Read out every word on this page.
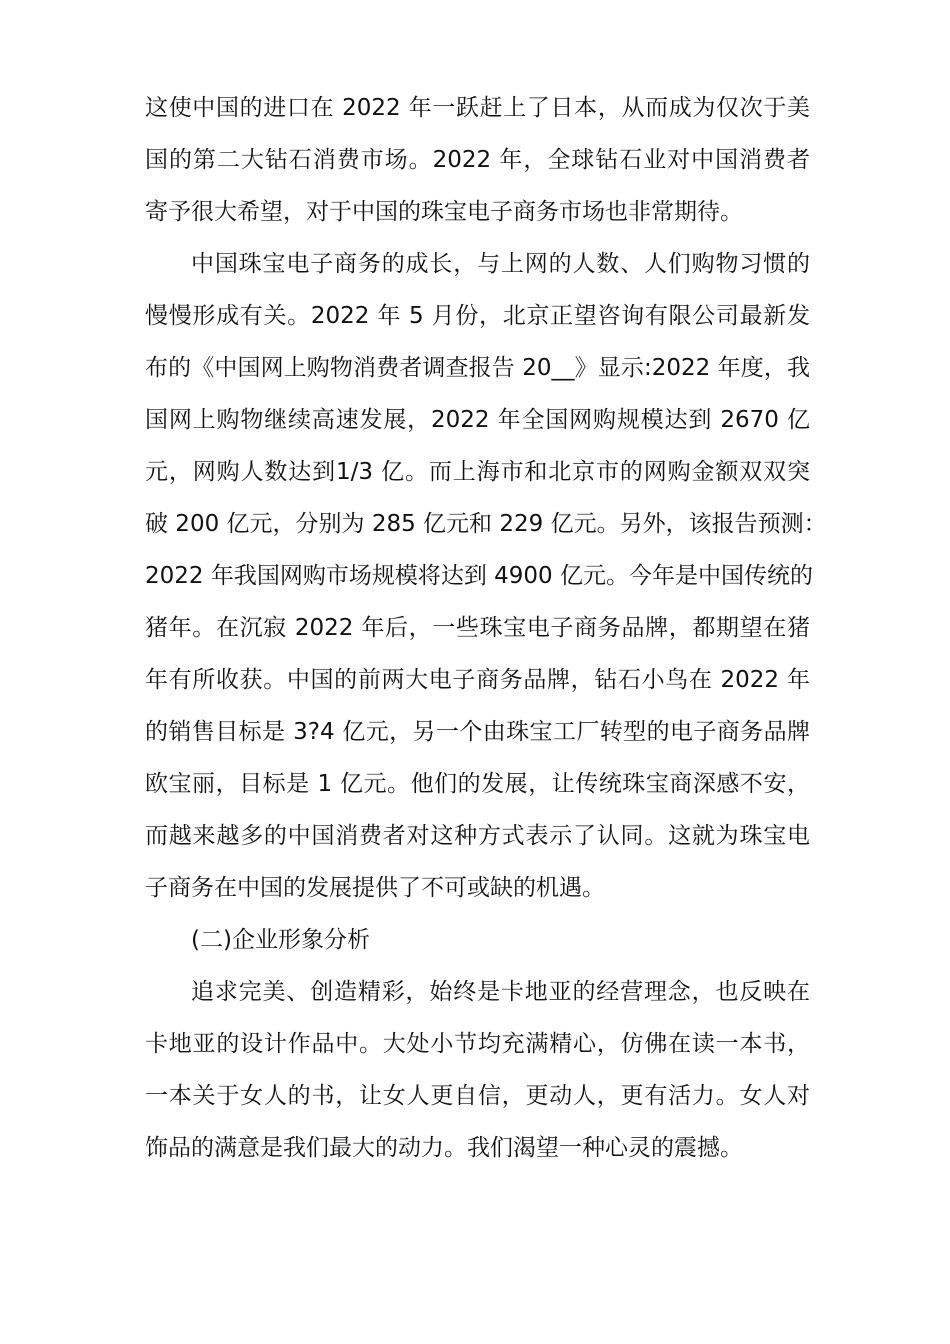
这使中国的进口在 2022 年一跃赶上了日本，从而成为仅次于美
国的第二大钻石消费市场。2022 年，全球钻石业对中国消费者
寄予很大希望，对于中国的珠宝电子商务市场也非常期待。
中国珠宝电子商务的成长，与上网的人数、人们购物习惯的
慢慢形成有关。2022 年 5 月份，北京正望咨询有限公司最新发
布的《中国网上购物消费者调查报告 20__》显示:2022 年度，我
国网上购物继续高速发展，2022 年全国网购规模达到 2670 亿
元，网购人数达到1/3 亿。而上海市和北京市的网购金额双双突
破 200 亿元，分别为 285 亿元和 229 亿元。另外，该报告预测：
2022 年我国网购市场规模将达到 4900 亿元。今年是中国传统的
猪年。在沉寂 2022 年后，一些珠宝电子商务品牌，都期望在猪
年有所收获。中国的前两大电子商务品牌，钻石小鸟在 2022 年
的销售目标是 3?4 亿元，另一个由珠宝工厂转型的电子商务品牌
欧宝丽，目标是 1 亿元。他们的发展，让传统珠宝商深感不安，
而越来越多的中国消费者对这种方式表示了认同。这就为珠宝电
子商务在中国的发展提供了不可或缺的机遇。
(二)企业形象分析
追求完美、创造精彩，始终是卡地亚的经营理念，也反映在
卡地亚的设计作品中。大处小节均充满精心，仿佛在读一本书，
一本关于女人的书，让女人更自信，更动人，更有活力。女人对
饰品的满意是我们最大的动力。我们渴望一种心灵的震撼。
